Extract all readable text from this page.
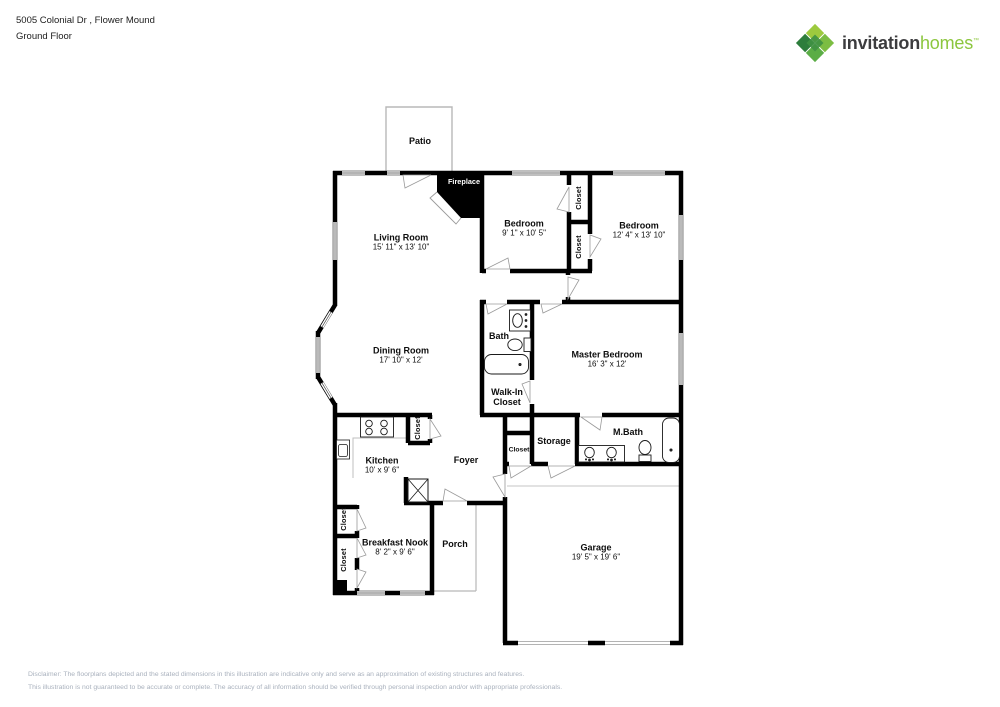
5005 Colonial Dr , Flower Mound
Ground Floor	invitationhomes™
Patio
Fireplace
Living Room
15' 11" x 13' 10"
Bedroom
9' 1" x 10' 5"
Bedroom
12' 4" x 13' 10"
Closet
Closet
Dining Room
17' 10" x 12'
Bath
Master Bedroom
16' 3" x 12'
Walk-In Closet
Storage
M.Bath
Closet
Kitchen
10' x 9' 6"
Closet
Foyer
Breakfast Nook
8' 2" x 9' 6"
Closet
Closet
Porch	Garage
19' 5" x 19' 6"
Disclaimer: The floorplans depicted and the stated dimensions in this illustration are indicative only and serve as an approximation of existing structures and features.
This illustration is not guaranteed to be accurate or complete. The accuracy of all information should be verified through personal inspection and/or with appropriate professionals.
